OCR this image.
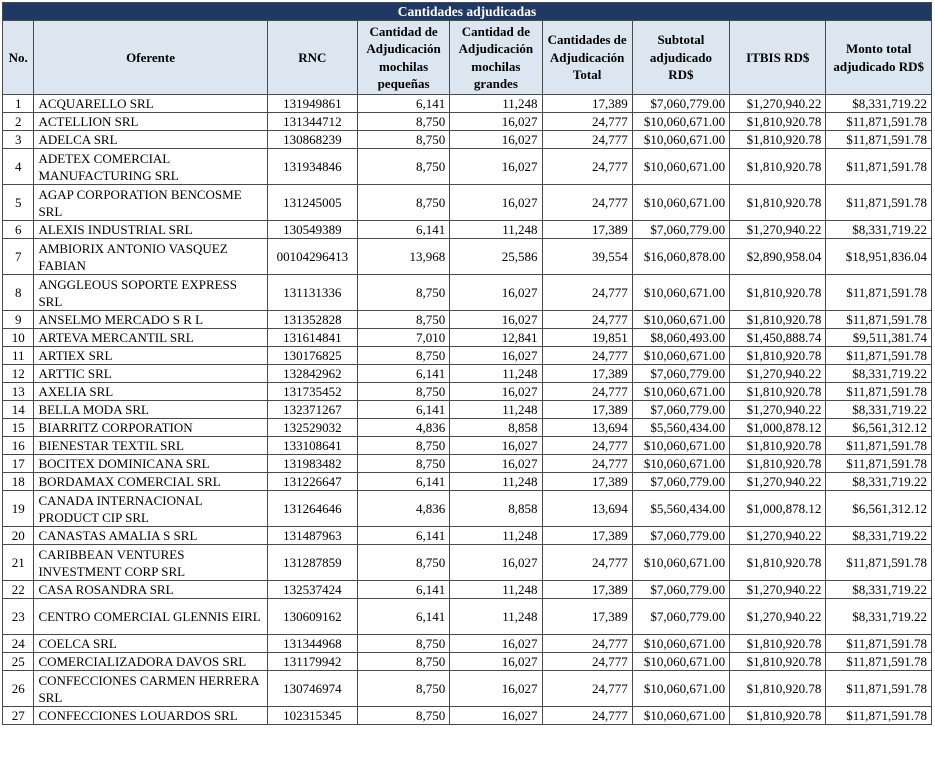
Cantidades adjudicadas								
No.	Oferente	RNC	Cantidad de Adjudicación mochilas pequeñas	Cantidad de Adjudicación mochilas grandes	Cantidades de Adjudicación Total	Subtotal adjudicado RD$	ITBIS RD$	Monto total adjudicado RD$
1	ACQUARELLO SRL	131949861	6,141	11,248	17,389	$7,060,779.00	$1,270,940.22	$8,331,719.22
2	ACTELLION SRL	131344712	8,750	16,027	24,777	$10,060,671.00	$1,810,920.78	$11,871,591.78
3	ADELCA SRL	130868239	8,750	16,027	24,777	$10,060,671.00	$1,810,920.78	$11,871,591.78
4	ADETEX COMERCIAL MANUFACTURING SRL	131934846	8,750	16,027	24,777	$10,060,671.00	$1,810,920.78	$11,871,591.78
5	AGAP CORPORATION BENCOSME SRL	131245005	8,750	16,027	24,777	$10,060,671.00	$1,810,920.78	$11,871,591.78
6	ALEXIS INDUSTRIAL SRL	130549389	6,141	11,248	17,389	$7,060,779.00	$1,270,940.22	$8,331,719.22
7	AMBIORIX ANTONIO VASQUEZ FABIAN	00104296413	13,968	25,586	39,554	$16,060,878.00	$2,890,958.04	$18,951,836.04
8	ANGGLEOUS SOPORTE EXPRESS SRL	131131336	8,750	16,027	24,777	$10,060,671.00	$1,810,920.78	$11,871,591.78
9	ANSELMO MERCADO S R L	131352828	8,750	16,027	24,777	$10,060,671.00	$1,810,920.78	$11,871,591.78
10	ARTEVA MERCANTIL SRL	131614841	7,010	12,841	19,851	$8,060,493.00	$1,450,888.74	$9,511,381.74
11	ARTIEX SRL	130176825	8,750	16,027	24,777	$10,060,671.00	$1,810,920.78	$11,871,591.78
12	ARTTIC SRL	132842962	6,141	11,248	17,389	$7,060,779.00	$1,270,940.22	$8,331,719.22
13	AXELIA SRL	131735452	8,750	16,027	24,777	$10,060,671.00	$1,810,920.78	$11,871,591.78
14	BELLA MODA SRL	132371267	6,141	11,248	17,389	$7,060,779.00	$1,270,940.22	$8,331,719.22
15	BIARRITZ CORPORATION	132529032	4,836	8,858	13,694	$5,560,434.00	$1,000,878.12	$6,561,312.12
16	BIENESTAR TEXTIL SRL	133108641	8,750	16,027	24,777	$10,060,671.00	$1,810,920.78	$11,871,591.78
17	BOCITEX DOMINICANA SRL	131983482	8,750	16,027	24,777	$10,060,671.00	$1,810,920.78	$11,871,591.78
18	BORDAMAX COMERCIAL SRL	131226647	6,141	11,248	17,389	$7,060,779.00	$1,270,940.22	$8,331,719.22
19	CANADA INTERNACIONAL PRODUCT CIP SRL	131264646	4,836	8,858	13,694	$5,560,434.00	$1,000,878.12	$6,561,312.12
20	CANASTAS AMALIA S SRL	131487963	6,141	11,248	17,389	$7,060,779.00	$1,270,940.22	$8,331,719.22
21	CARIBBEAN VENTURES INVESTMENT CORP SRL	131287859	8,750	16,027	24,777	$10,060,671.00	$1,810,920.78	$11,871,591.78
22	CASA ROSANDRA SRL	132537424	6,141	11,248	17,389	$7,060,779.00	$1,270,940.22	$8,331,719.22
23	CENTRO COMERCIAL GLENNIS EIRL	130609162	6,141	11,248	17,389	$7,060,779.00	$1,270,940.22	$8,331,719.22
24	COELCA SRL	131344968	8,750	16,027	24,777	$10,060,671.00	$1,810,920.78	$11,871,591.78
25	COMERCIALIZADORA DAVOS SRL	131179942	8,750	16,027	24,777	$10,060,671.00	$1,810,920.78	$11,871,591.78
26	CONFECCIONES CARMEN HERRERA SRL	130746974	8,750	16,027	24,777	$10,060,671.00	$1,810,920.78	$11,871,591.78
27	CONFECCIONES LOUARDOS SRL	102315345	8,750	16,027	24,777	$10,060,671.00	$1,810,920.78	$11,871,591.78
